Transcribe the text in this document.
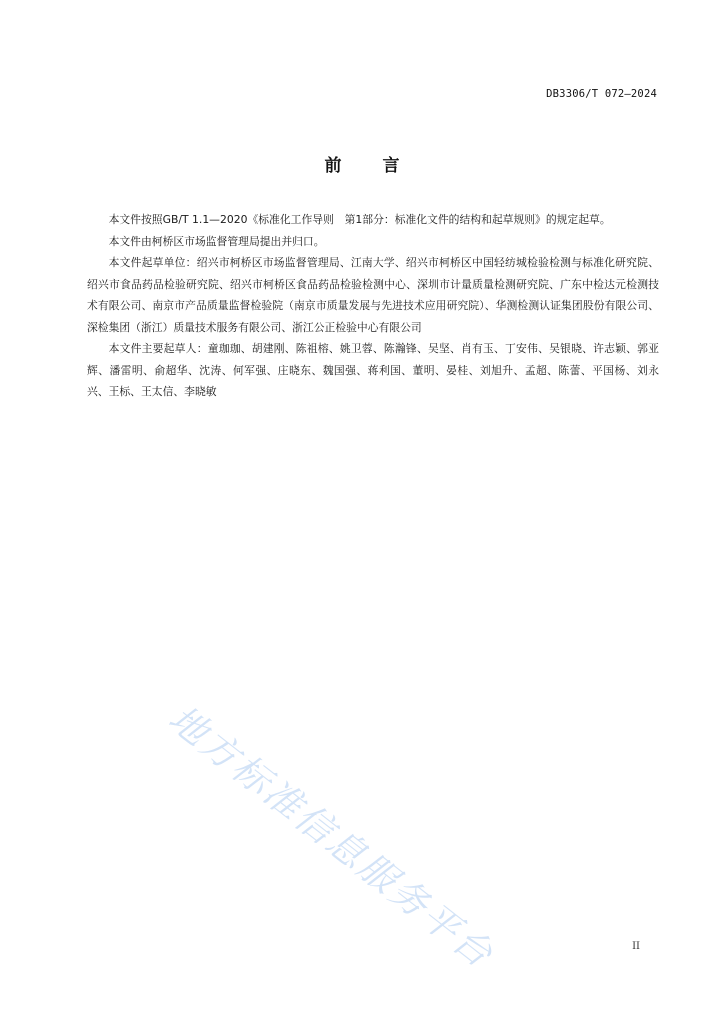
DB3306/T 072—2024
前 言

本文件按照GB/T 1.1—2020《标准化工作导则　第1部分：标准化文件的结构和起草规则》的规定起草。

本文件由柯桥区市场监督管理局提出并归口。

本文件起草单位：绍兴市柯桥区市场监督管理局、江南大学、绍兴市柯桥区中国轻纺城检验检测与标准化研究院、绍兴市食品药品检验研究院、绍兴市柯桥区食品药品检验检测中心、深圳市计量质量检测研究院、广东中检达元检测技术有限公司、南京市产品质量监督检验院（南京市质量发展与先进技术应用研究院）、华测检测认证集团股份有限公司、深检集团（浙江）质量技术服务有限公司、浙江公正检验中心有限公司

本文件主要起草人：童珈珈、胡建刚、陈祖榕、姚卫蓉、陈瀚锋、吴坚、肖有玉、丁安伟、吴银晓、许志颖、郭亚辉、潘雷明、俞超华、沈涛、何军强、庄晓东、魏国强、蒋利国、董明、晏桂、刘旭升、孟超、陈蕾、平国杨、刘永兴、王标、王太信、李晓敏

地方标准信息服务平台	II
